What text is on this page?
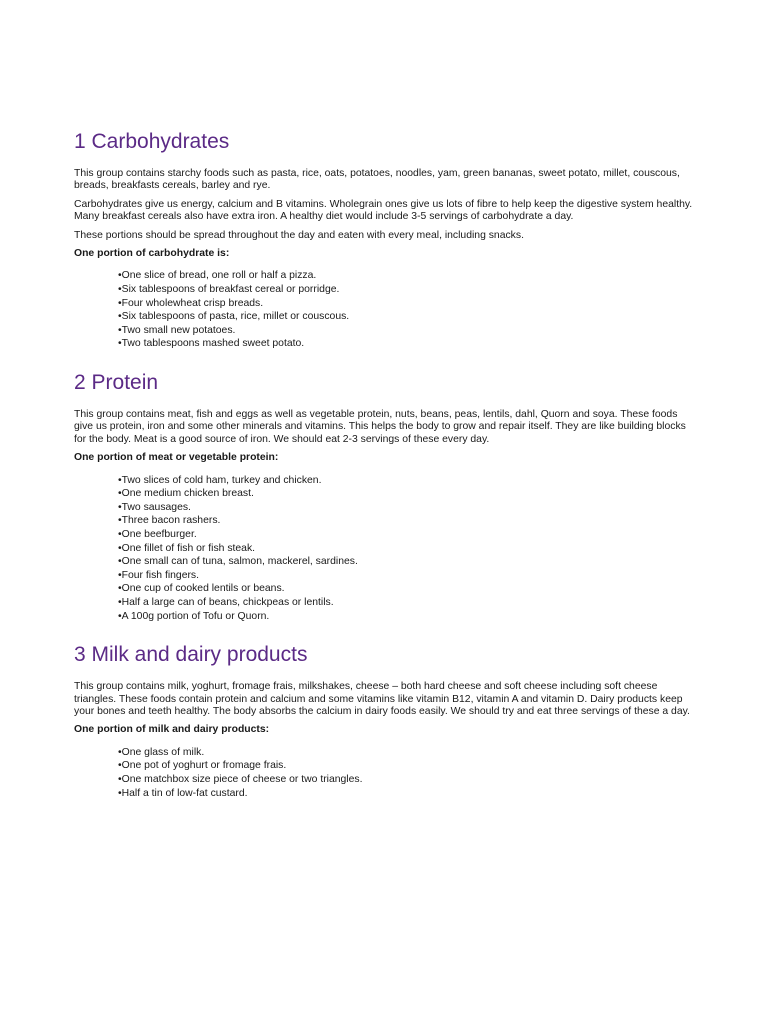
1 Carbohydrates

This group contains starchy foods such as pasta, rice, oats, potatoes, noodles, yam, green bananas, sweet potato, millet, couscous, breads, breakfasts cereals, barley and rye.

Carbohydrates give us energy, calcium and B vitamins. Wholegrain ones give us lots of fibre to help keep the digestive system healthy. Many breakfast cereals also have extra iron. A healthy diet would include 3-5 servings of carbohydrate a day.

These portions should be spread throughout the day and eaten with every meal, including snacks.

One portion of carbohydrate is:

•One slice of bread, one roll or half a pizza.
•Six tablespoons of breakfast cereal or porridge.
•Four wholewheat crisp breads.
•Six tablespoons of pasta, rice, millet or couscous.
•Two small new potatoes.
•Two tablespoons mashed sweet potato.
2 Protein

This group contains meat, fish and eggs as well as vegetable protein, nuts, beans, peas, lentils, dahl, Quorn and soya. These foods give us protein, iron and some other minerals and vitamins. This helps the body to grow and repair itself. They are like building blocks for the body. Meat is a good source of iron. We should eat 2-3 servings of these every day.

One portion of meat or vegetable protein:

•Two slices of cold ham, turkey and chicken.
•One medium chicken breast.
•Two sausages.
•Three bacon rashers.
•One beefburger.
•One fillet of fish or fish steak.
•One small can of tuna, salmon, mackerel, sardines.
•Four fish fingers.
•One cup of cooked lentils or beans.
•Half a large can of beans, chickpeas or lentils.
•A 100g portion of Tofu or Quorn.
3 Milk and dairy products

This group contains milk, yoghurt, fromage frais, milkshakes, cheese – both hard cheese and soft cheese including soft cheese triangles. These foods contain protein and calcium and some vitamins like vitamin B12, vitamin A and vitamin D. Dairy products keep your bones and teeth healthy. The body absorbs the calcium in dairy foods easily. We should try and eat three servings of these a day.

One portion of milk and dairy products:

•One glass of milk.
•One pot of yoghurt or fromage frais.
•One matchbox size piece of cheese or two triangles.
•Half a tin of low-fat custard.
